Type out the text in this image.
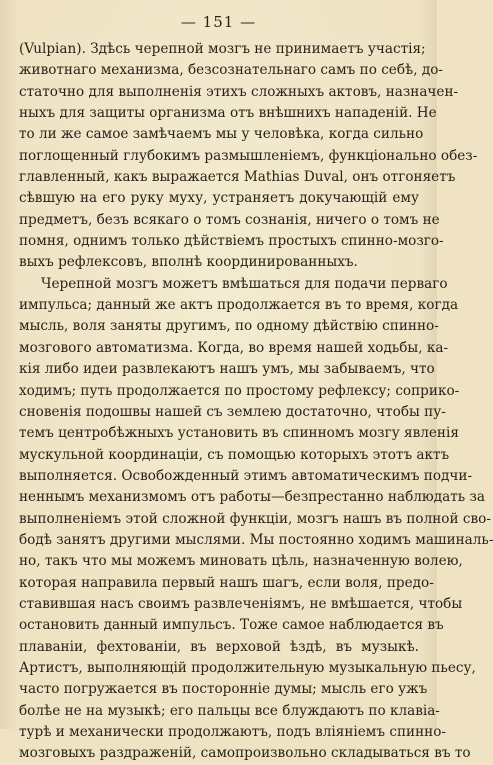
— 151 —
(Vulpian). Здѣсь черепной мозгъ не принимаетъ участія;
животнаго механизма, безсознательнаго самъ по себѣ, до-
статочно для выполненія этихъ сложныхъ актовъ, назначен-
ныхъ для защиты организма отъ внѣшнихъ нападеній. Не
то ли же самое замѣчаемъ мы у человѣка, когда сильно
поглощенный глубокимъ размышленіемъ, функціонально обез-
главленный, какъ выражается Mathias Duval, онъ отгоняетъ
сѣвшую на его руку муху, устраняетъ докучающій ему
предметъ, безъ всякаго о томъ сознанія, ничего о томъ не
помня, однимъ только дѣйствіемъ простыхъ спинно-мозго-
выхъ рефлексовъ, вполнѣ координированныхъ.
Черепной мозгъ можетъ вмѣшаться для подачи перваго
импульса; данный же актъ продолжается въ то время, когда
мысль, воля заняты другимъ, по одному дѣйствію спинно-
мозгового автоматизма. Когда, во время нашей ходьбы, ка-
кія либо идеи развлекаютъ нашъ умъ, мы забываемъ, что
ходимъ; путь продолжается по простому рефлексу; соприко-
сновенія подошвы нашей съ землею достаточно, чтобы пу-
темъ центробѣжныхъ установить въ спинномъ мозгу явленія
мускульной координаціи, съ помощью которыхъ этотъ актъ
выполняется. Освобожденный этимъ автоматическимъ подчи-
неннымъ механизмомъ отъ работы—безпрестанно наблюдать за
выполненіемъ этой сложной функціи, мозгъ нашъ въ полной сво-
бодѣ занятъ другими мыслями. Мы постоянно ходимъ машиналь-
но, такъ что мы можемъ миновать цѣль, назначенную волею,
которая направила первый нашъ шагъ, если воля, предо-
ставившая насъ своимъ развлеченіямъ, не вмѣшается, чтобы
остановить данный импульсъ. Тоже самое наблюдается въ
плаваніи, фехтованіи, въ верховой ѣздѣ, въ музыкѣ.
Артистъ, выполняющій продолжительную музыкальную пьесу,
часто погружается въ посторонніе думы; мысль его ужъ
болѣе не на музыкѣ; его пальцы все блуждаютъ по клавіа-
турѣ и механически продолжаютъ, подъ вліяніемъ спинно-
мозговыхъ раздраженій, самопроизвольно складываться въ то
